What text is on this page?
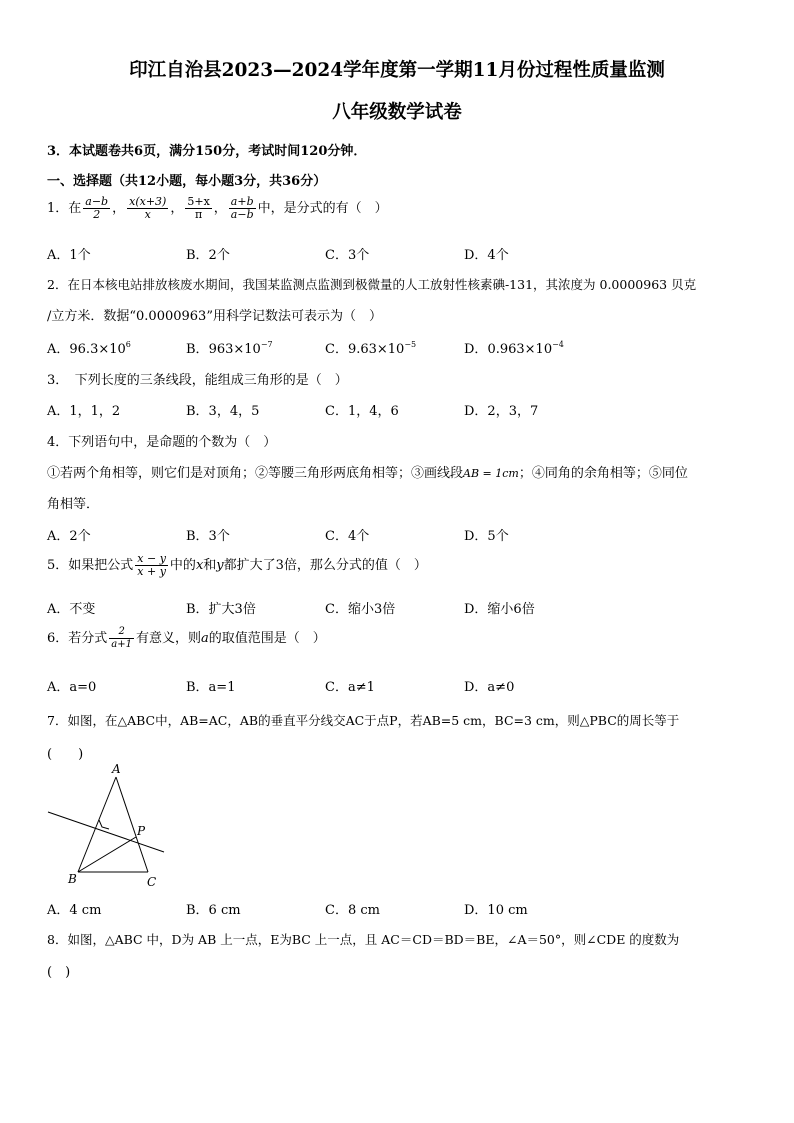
印江自治县2023—2024学年度第一学期11月份过程性质量监测
八年级数学试卷
3．本试题卷共6页，满分150分，考试时间120分钟．
一、选择题（共12小题，每小题3分，共36分）
1．在 $\frac{a-b}{2}$ ， $\frac{x(x+3)}{x}$ ， $\frac{5+x}{\pi}$ ， $\frac{a+b}{a-b}$ 中，是分式的有（　）
A．1个	B．2个	C．3个	D．4个
2．在日本核电站排放核废水期间，我国某监测点监测到极微量的人工放射性核素碘-131，其浓度为 0.0000963 贝克
/立方米．数据“0.0000963”用科学记数法可表示为（　）
A．$96.3\times 10^6$	B．$963\times 10^{-7}$	C．$9.63\times 10^{-5}$	D．$0.963\times 10^{-4}$
3．　下列长度的三条线段，能组成三角形的是（　）
A．1，1，2	B．3，4，5	C．1，4，6	D．2，3，7
4．下列语句中，是命题的个数为（　）
①若两个角相等，则它们是对顶角；②等腰三角形两底角相等；③画线段AB = 1cm；④同角的余角相等；⑤同位
角相等．
A．2个	B．3个	C．4个	D．5个
5．如果把公式 $\frac{x - y}{x + y}$ 中的x和y都扩大了3倍，那么分式的值（　）
A．不变	B．扩大3倍	C．缩小3倍	D．缩小6倍
6．若分式 $\frac{2}{a+1}$ 有意义，则a的取值范围是（　）
A．a=0	B．a=1	C．a≠1	D．a≠0
7．如图，在△ABC中，AB=AC，AB的垂直平分线交AC于点P，若AB=5 cm，BC=3 cm，则△PBC的周长等于
(　　)
A
B	C
P
A．4 cm	B．6 cm	C．8 cm	D．10 cm
8．如图，△ABC 中，D为 AB 上一点，E为BC 上一点，且 AC＝CD＝BD＝BE，∠A＝50°，则∠CDE 的度数为
(　)
